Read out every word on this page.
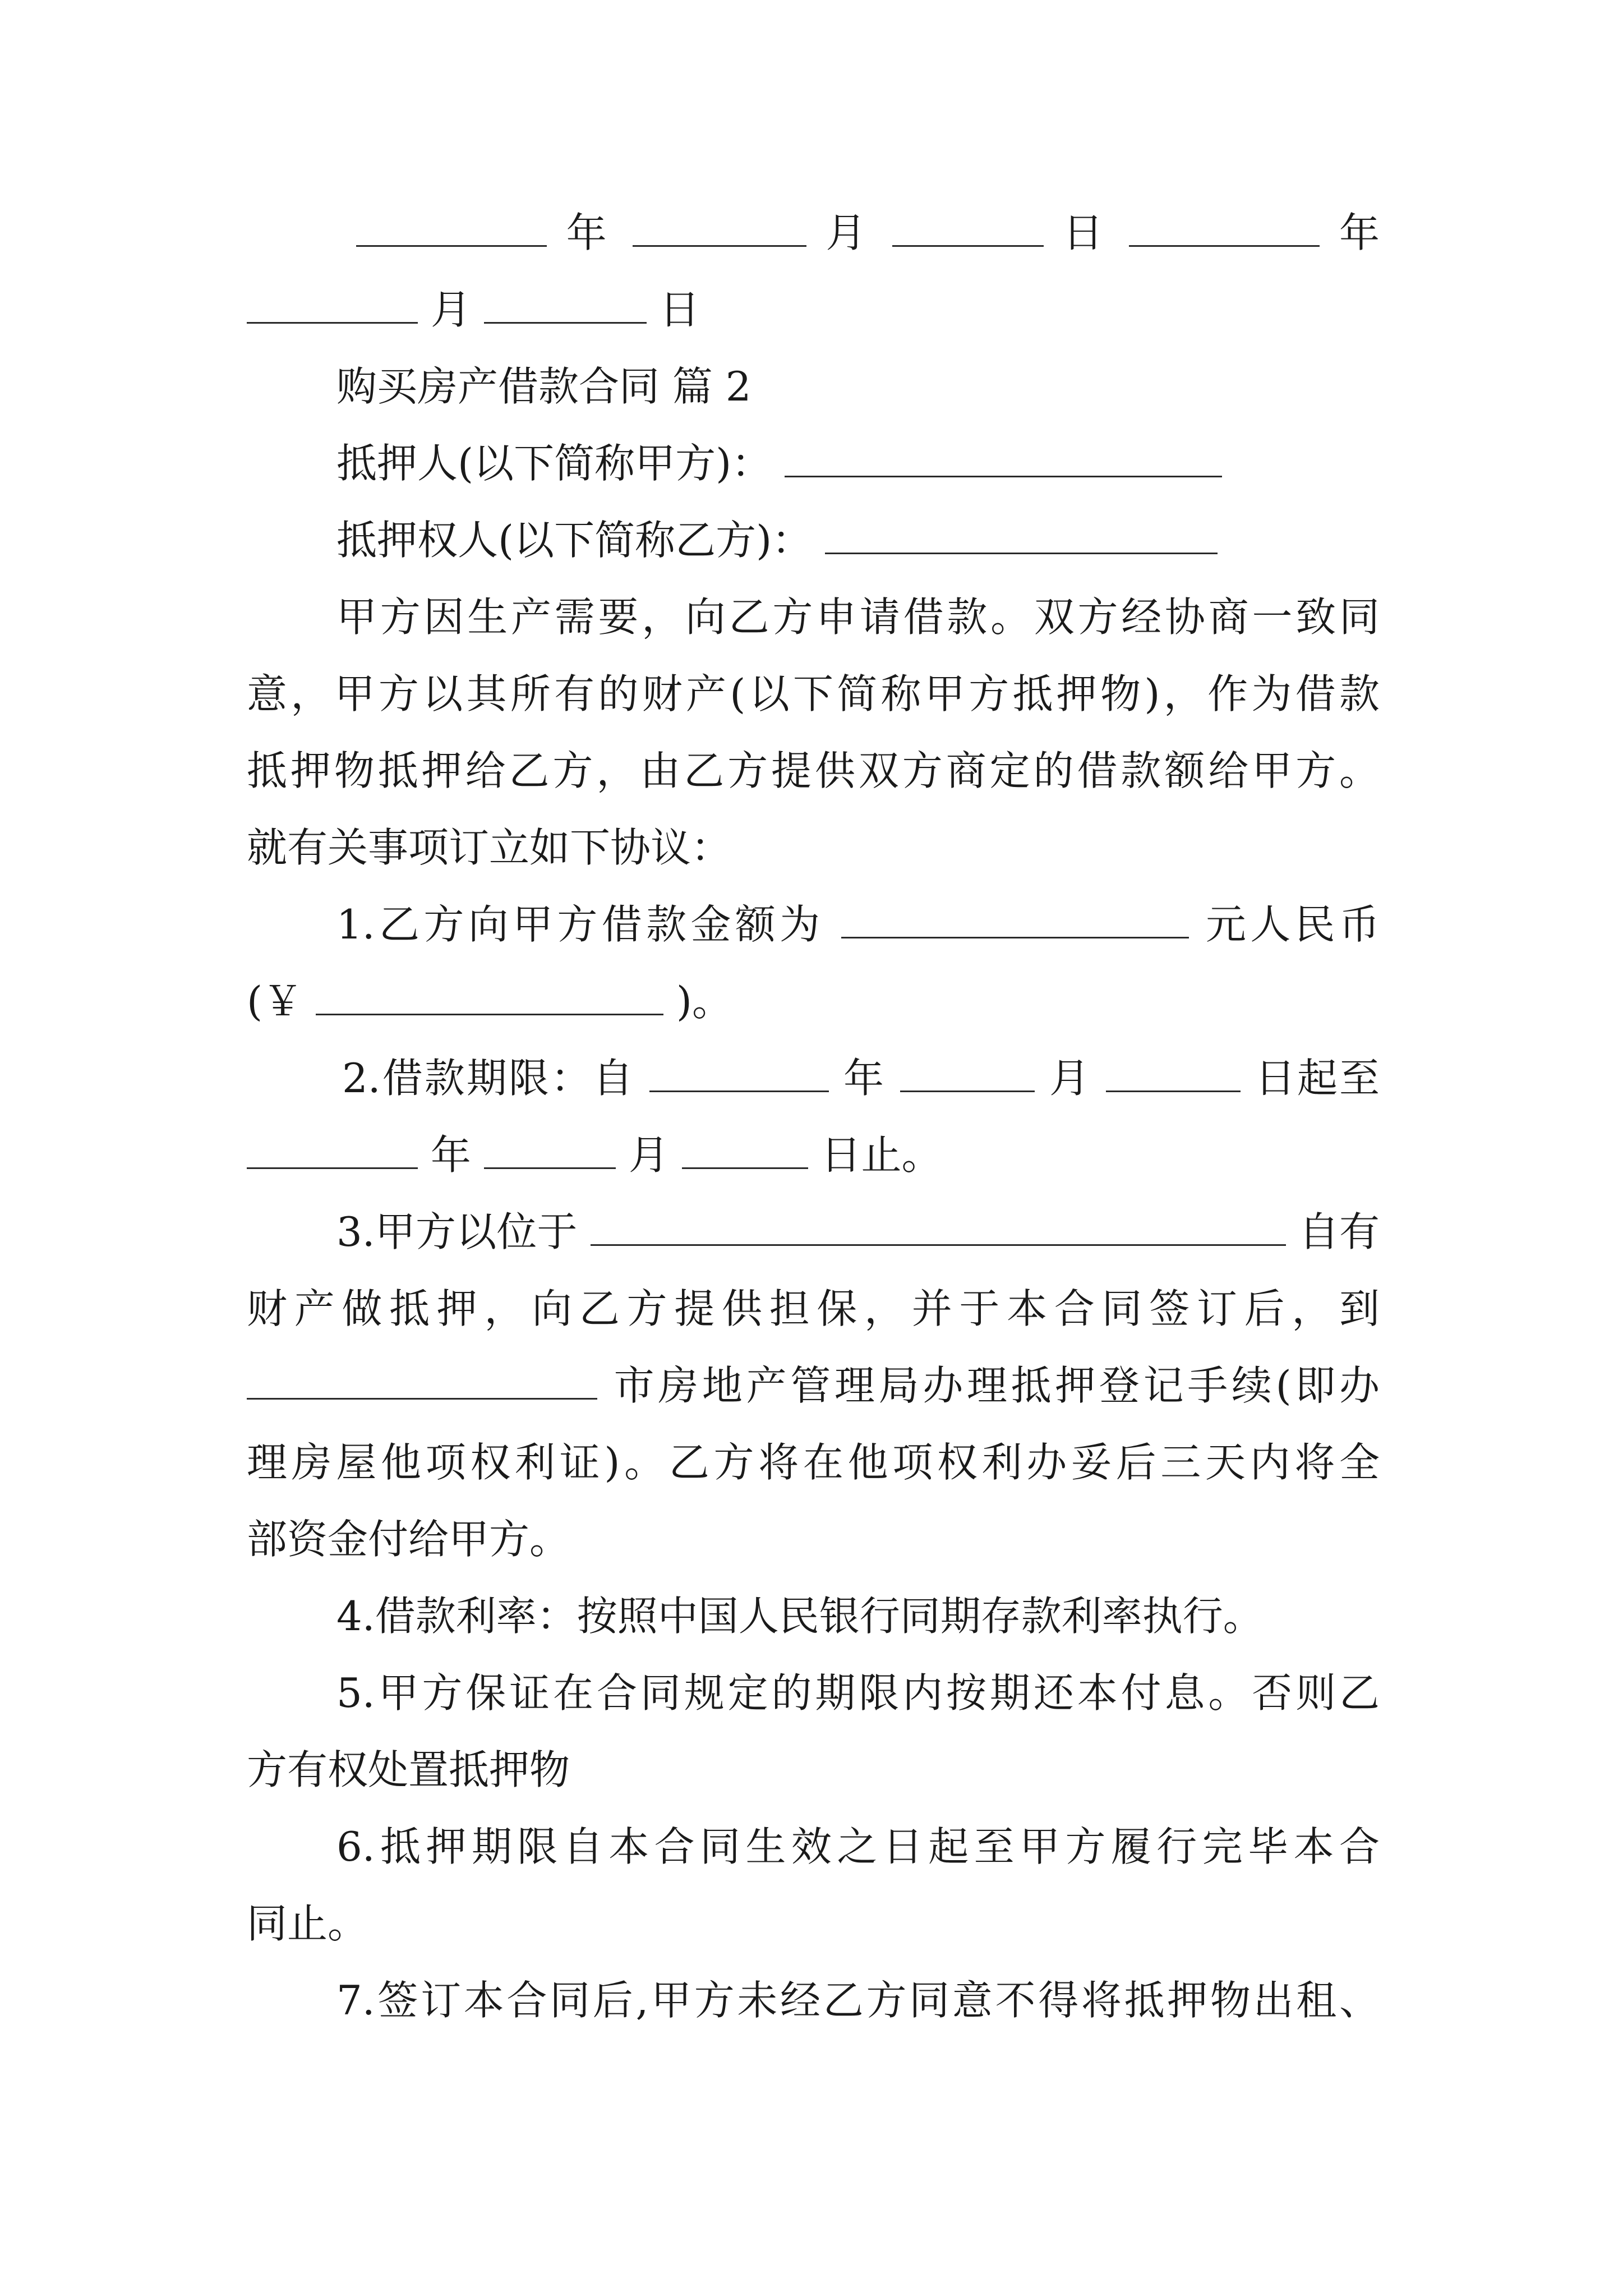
年	月	日	年
月	日
购买房产借款合同 篇 2
抵押人(以下简称甲方)：
抵押权人(以下简称乙方)：
甲方因生产需要，向乙方申请借款。双方经协商一致同
意，甲方以其所有的财产(以下简称甲方抵押物)，作为借款
抵押物抵押给乙方，由乙方提供双方商定的借款额给甲方。
就有关事项订立如下协议：
1.乙方向甲方借款金额为	元人民币
(￥	)。
2.借款期限：自	年	月	日起至
年	月	日止。
3.甲方以位于	自有
财产做抵押，向乙方提供担保，并于本合同签订后，到
市房地产管理局办理抵押登记手续(即办
理房屋他项权利证)。乙方将在他项权利办妥后三天内将全
部资金付给甲方。
4.借款利率：按照中国人民银行同期存款利率执行。
5.甲方保证在合同规定的期限内按期还本付息。否则乙
方有权处置抵押物
6.抵押期限自本合同生效之日起至甲方履行完毕本合
同止。
7.签订本合同后,甲方未经乙方同意不得将抵押物出租、
